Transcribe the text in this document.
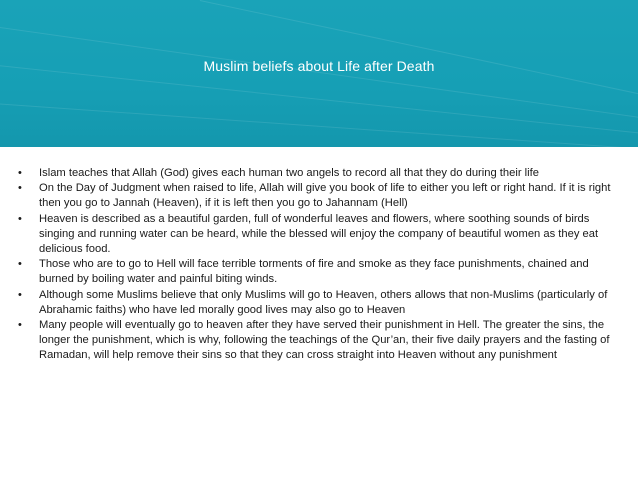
Muslim beliefs about Life after Death
•	Islam teaches that Allah (God) gives each human two angels to record all that they do during their life
•	On the Day of Judgment when raised to life, Allah will give you book of life to either you left or right hand. If it is right then you go to Jannah (Heaven), if it is left then you go to Jahannam (Hell)
•	Heaven is described as a beautiful garden, full of wonderful leaves and flowers, where soothing sounds of birds singing and running water can be heard, while the blessed will enjoy the company of beautiful women as they eat delicious food.
•	Those who are to go to Hell will face terrible torments of fire and smoke as they face punishments, chained and burned by boiling water and painful biting winds.
•	Although some Muslims believe that only Muslims will go to Heaven, others allows that non-Muslims (particularly of Abrahamic faiths) who have led morally good lives may also go to Heaven
•	Many people will eventually go to heaven after they have served their punishment in Hell. The greater the sins, the longer the punishment, which is why, following the teachings of the Qur’an, their five daily prayers and the fasting of Ramadan, will help remove their sins so that they can cross straight into Heaven without any punishment
